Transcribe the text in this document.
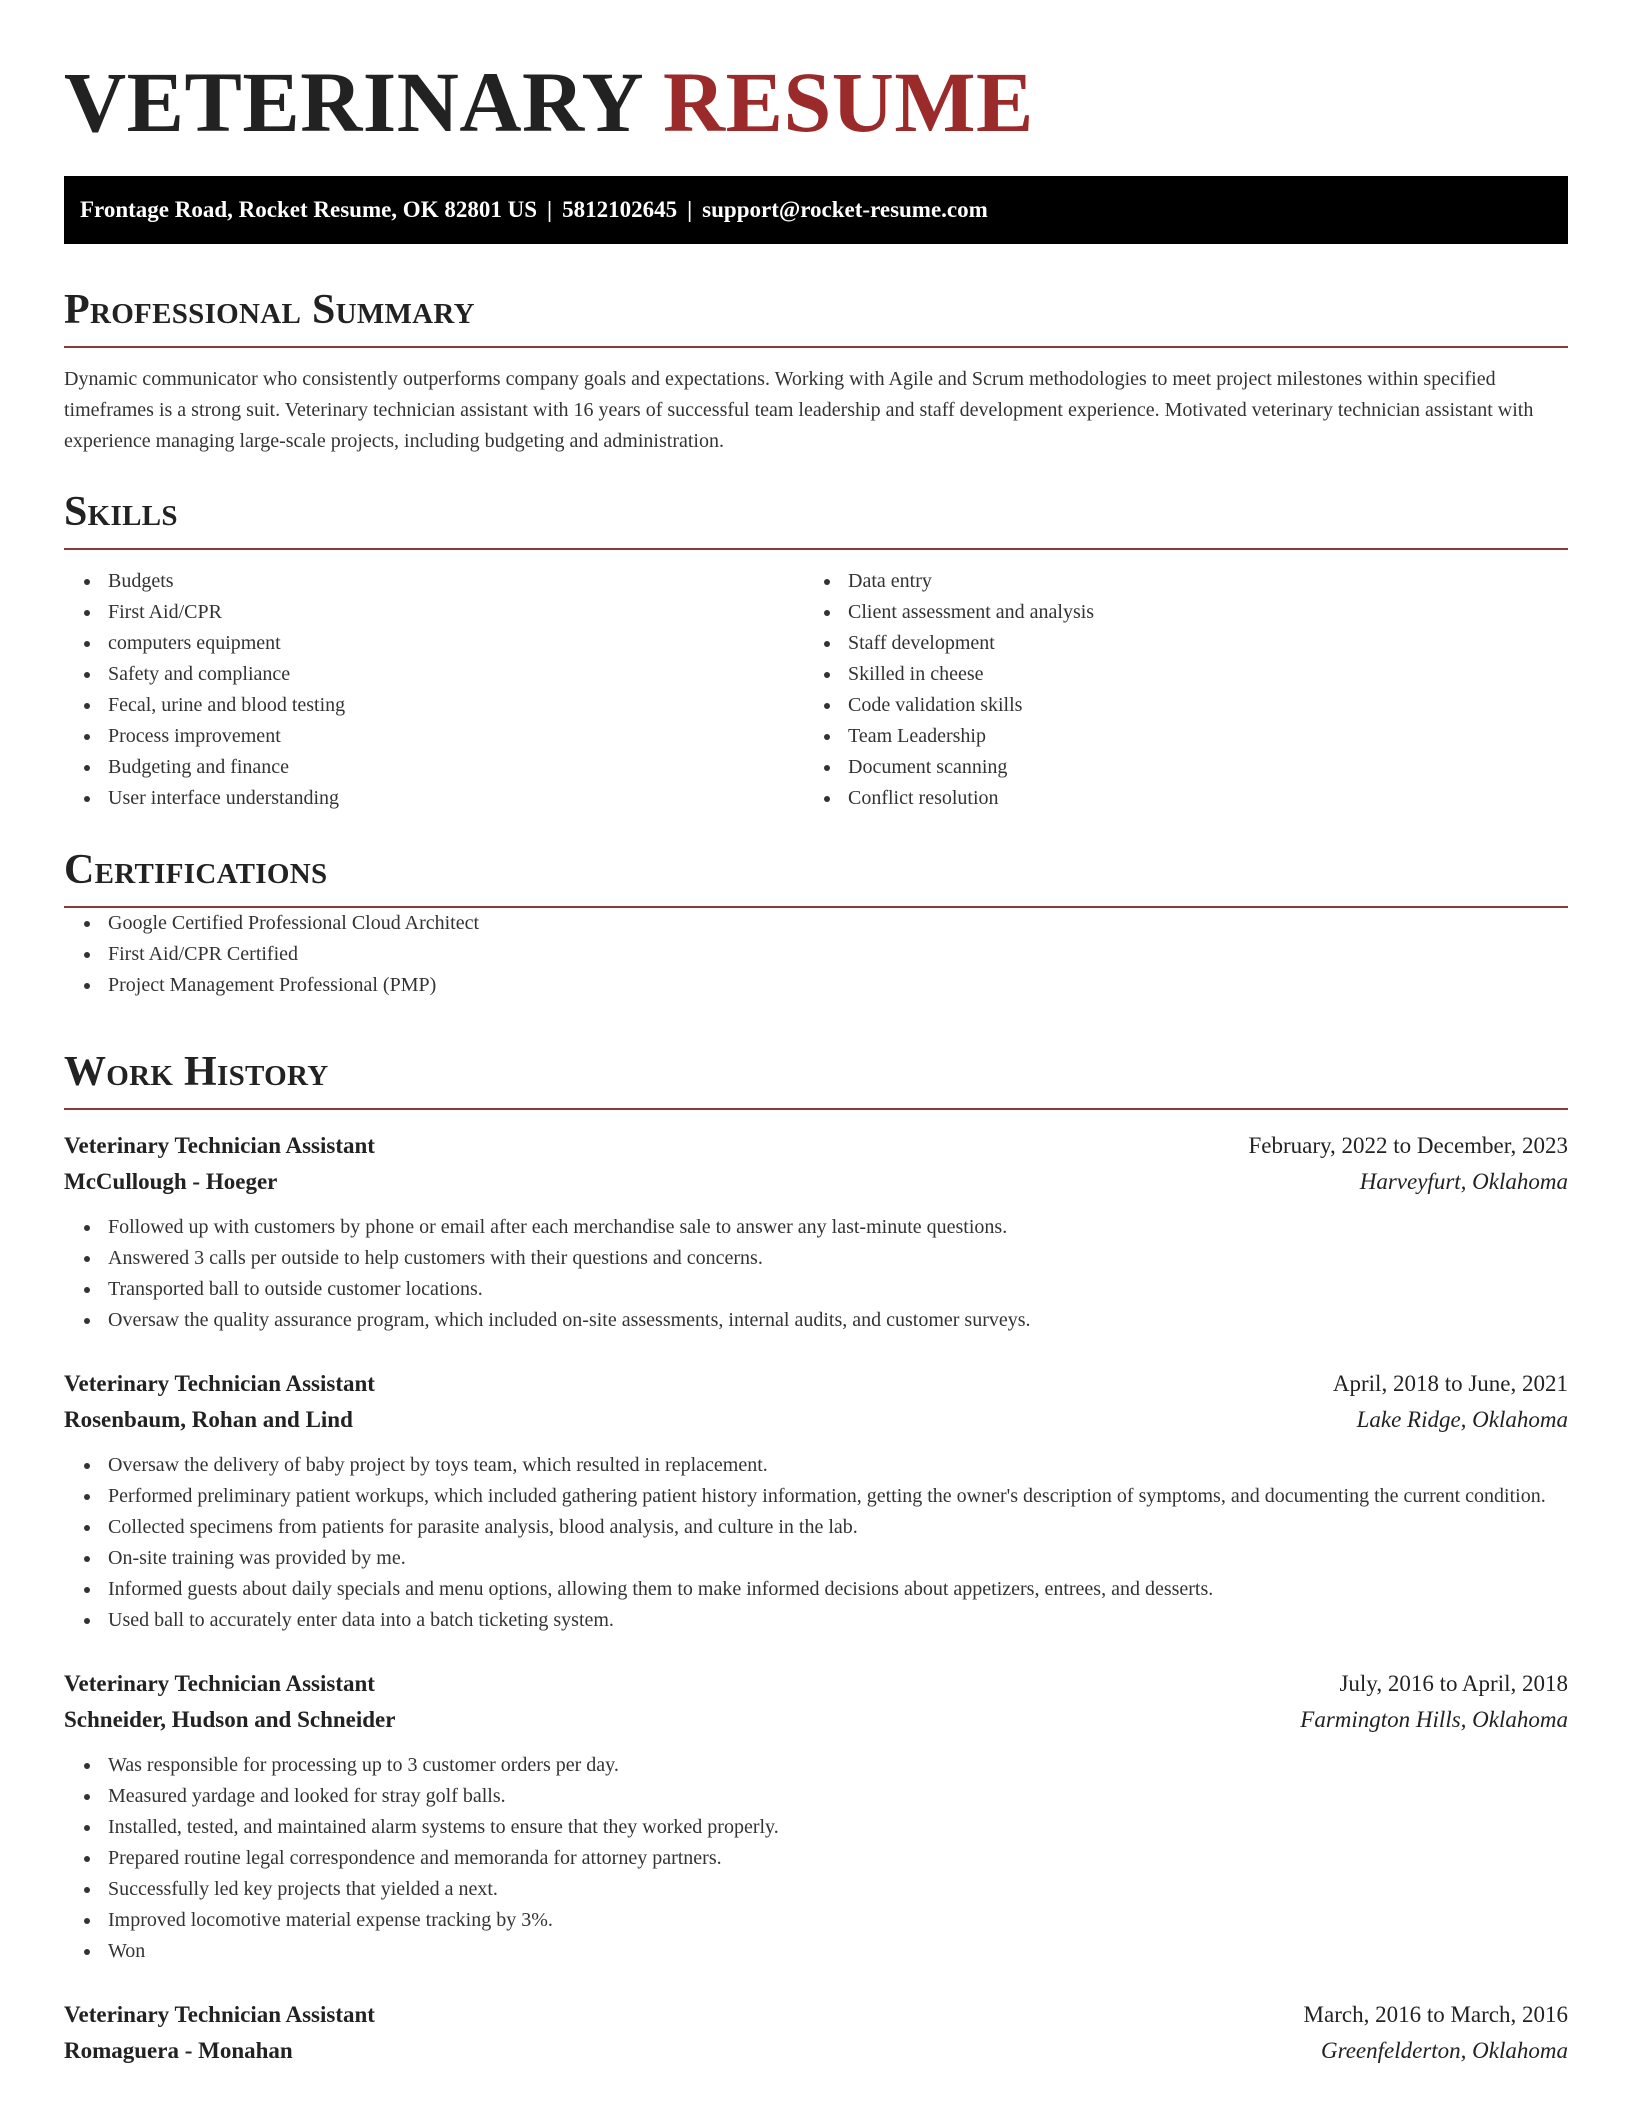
VETERINARY RESUME
Frontage Road, Rocket Resume, OK 82801 US | 5812102645 | support@rocket-resume.com
Professional Summary

Dynamic communicator who consistently outperforms company goals and expectations. Working with Agile and Scrum methodologies to meet project milestones within specified timeframes is a strong suit. Veterinary technician assistant with 16 years of successful team leadership and staff development experience. Motivated veterinary technician assistant with experience managing large-scale projects, including budgeting and administration.

Skills
Budgets
First Aid/CPR
computers equipment
Safety and compliance
Fecal, urine and blood testing
Process improvement
Budgeting and finance
User interface understanding
Data entry
Client assessment and analysis
Staff development
Skilled in cheese
Code validation skills
Team Leadership
Document scanning
Conflict resolution
Certifications
Google Certified Professional Cloud Architect
First Aid/CPR Certified
Project Management Professional (PMP)
Work History
Veterinary Technician Assistant	February, 2022 to December, 2023
McCullough - Hoeger	Harveyfurt, Oklahoma
Followed up with customers by phone or email after each merchandise sale to answer any last-minute questions.
Answered 3 calls per outside to help customers with their questions and concerns.
Transported ball to outside customer locations.
Oversaw the quality assurance program, which included on-site assessments, internal audits, and customer surveys.
Veterinary Technician Assistant	April, 2018 to June, 2021
Rosenbaum, Rohan and Lind	Lake Ridge, Oklahoma
Oversaw the delivery of baby project by toys team, which resulted in replacement.
Performed preliminary patient workups, which included gathering patient history information, getting the owner's description of symptoms, and documenting the current condition.
Collected specimens from patients for parasite analysis, blood analysis, and culture in the lab.
On-site training was provided by me.
Informed guests about daily specials and menu options, allowing them to make informed decisions about appetizers, entrees, and desserts.
Used ball to accurately enter data into a batch ticketing system.
Veterinary Technician Assistant	July, 2016 to April, 2018
Schneider, Hudson and Schneider	Farmington Hills, Oklahoma
Was responsible for processing up to 3 customer orders per day.
Measured yardage and looked for stray golf balls.
Installed, tested, and maintained alarm systems to ensure that they worked properly.
Prepared routine legal correspondence and memoranda for attorney partners.
Successfully led key projects that yielded a next.
Improved locomotive material expense tracking by 3%.
Won
Veterinary Technician Assistant	March, 2016 to March, 2016
Romaguera - Monahan	Greenfelderton, Oklahoma
